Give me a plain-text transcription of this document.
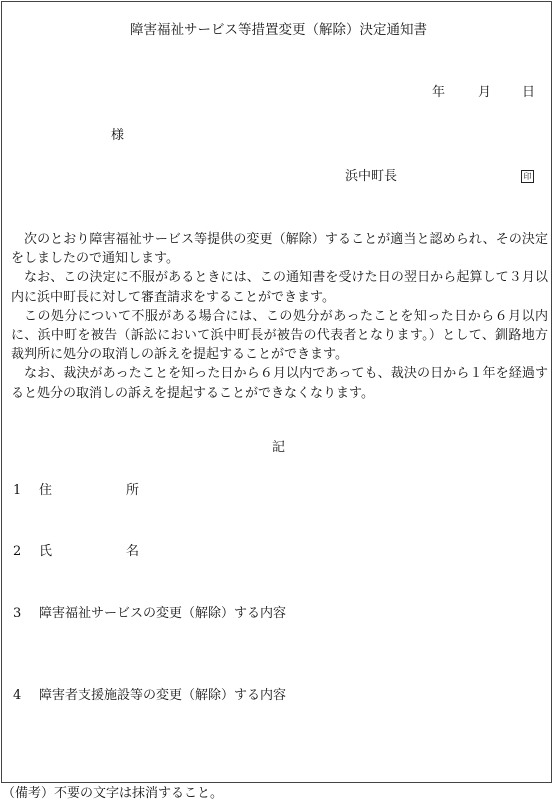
障害福祉サービス等措置変更（解除）決定通知書
年	月 日
様
浜中町長	印

次のとおり障害福祉サービス等提供の変更（解除）することが適当と認められ、その決定をしましたので通知します。

なお、この決定に不服があるときには、この通知書を受けた日の翌日から起算して３月以内に浜中町長に対して審査請求をすることができます。

この処分について不服がある場合には、この処分があったことを知った日から６月以内に、浜中町を被告（訴訟において浜中町長が被告の代表者となります。）として、釧路地方裁判所に処分の取消しの訴えを提起することができます。

なお、裁決があったことを知った日から６月以内であっても、裁決の日から１年を経過すると処分の取消しの訴えを提起することができなくなります。

記
1 住	所
2 氏	名
3 障害福祉サービスの変更（解除）する内容
4 障害者支援施設等の変更（解除）する内容
（備考）不要の文字は抹消すること。
